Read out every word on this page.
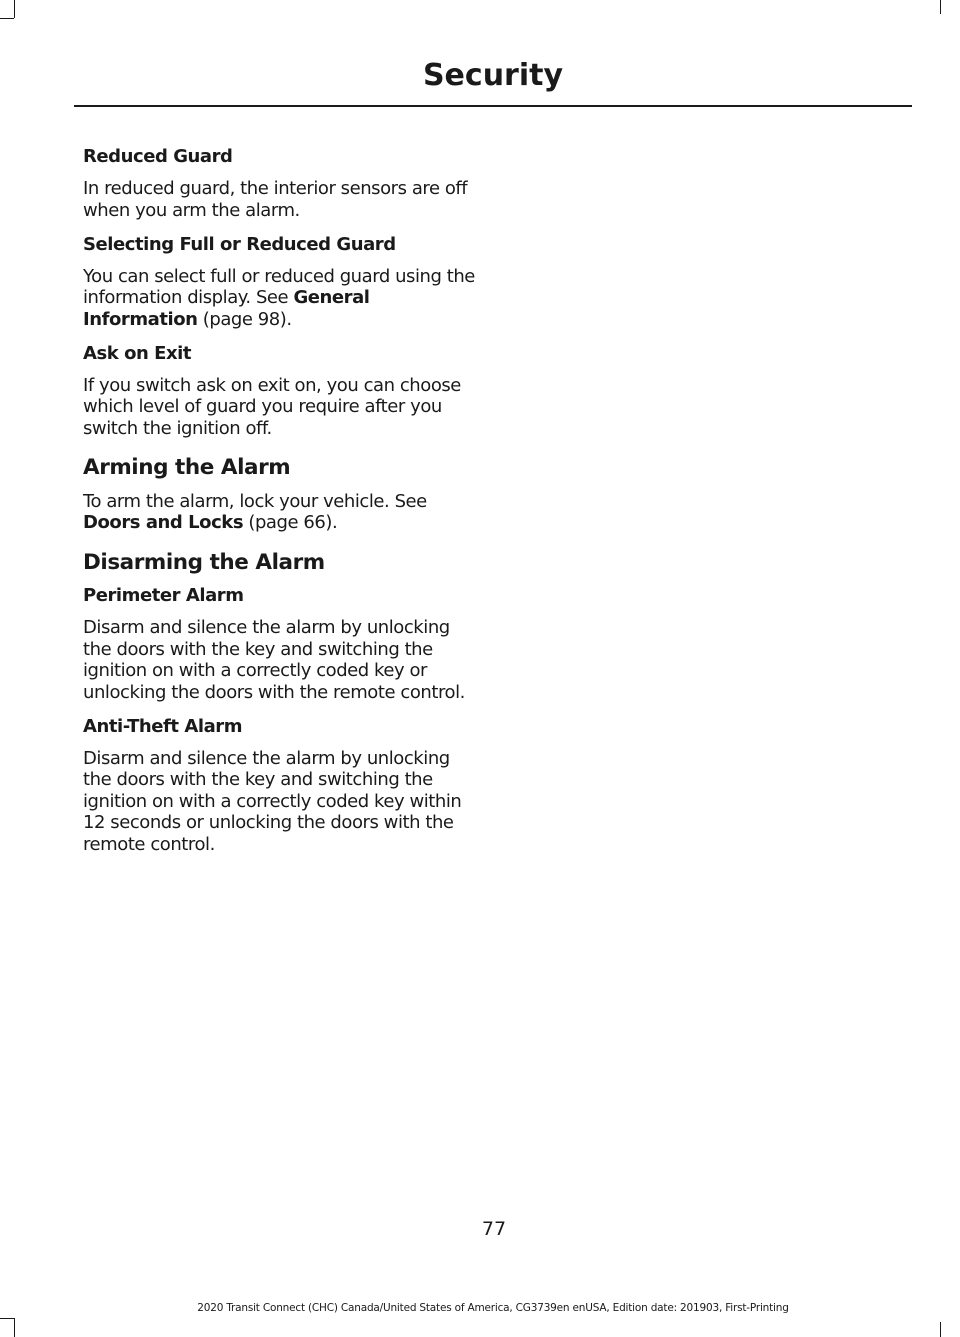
Security

Reduced Guard

In reduced guard, the interior sensors are off when you arm the alarm.

Selecting Full or Reduced Guard

You can select full or reduced guard using the information display. See General Information (page 98).

Ask on Exit

If you switch ask on exit on, you can choose which level of guard you require after you switch the ignition off.

Arming the Alarm

To arm the alarm, lock your vehicle. See Doors and Locks (page 66).

Disarming the Alarm

Perimeter Alarm

Disarm and silence the alarm by unlocking the doors with the key and switching the ignition on with a correctly coded key or unlocking the doors with the remote control.

Anti-Theft Alarm

Disarm and silence the alarm by unlocking the doors with the key and switching the ignition on with a correctly coded key within 12 seconds or unlocking the doors with the remote control.

77
2020 Transit Connect (CHC) Canada/United States of America, CG3739en enUSA, Edition date: 201903, First-Printing
